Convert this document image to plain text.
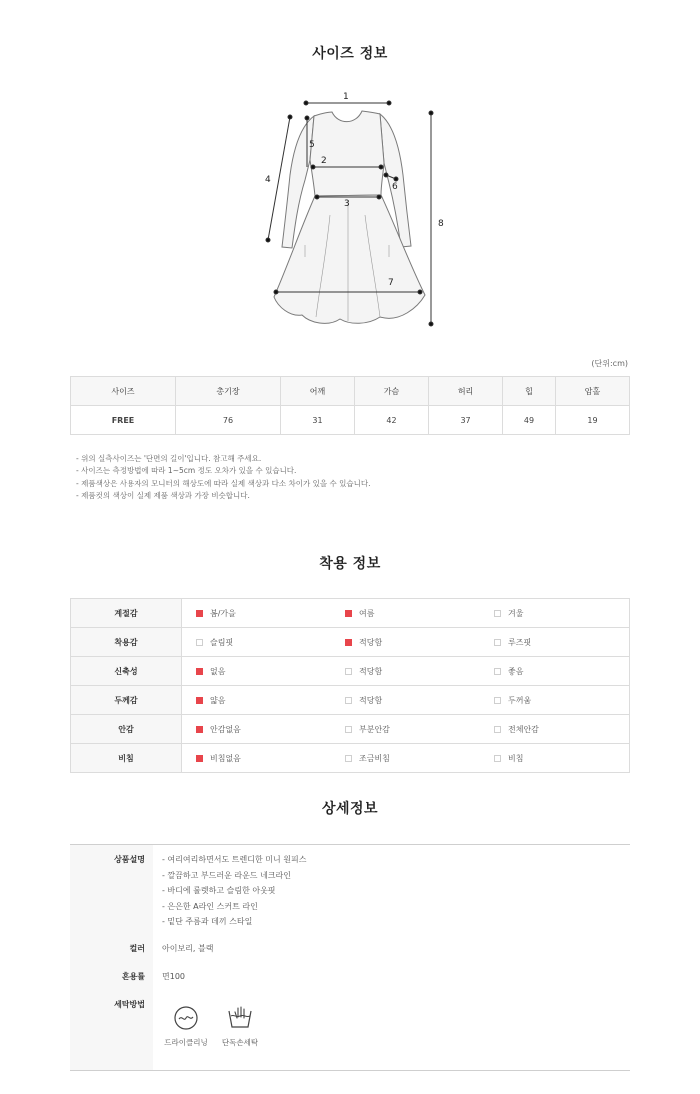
사이즈 정보
1
2
3
4
5
6
7
8
(단위:cm)
사이즈	총기장	어깨	가슴	허리	힙	암홀
FREE	76	31	42	37	49	19
- 위의 실측사이즈는 '단면의 길이'입니다. 참고해 주세요.
- 사이즈는 측정방법에 따라 1~5cm 정도 오차가 있을 수 있습니다.
- 제품색상은 사용자의 모니터의 해상도에 따라 실제 색상과 다소 차이가 있을 수 있습니다.
- 제품컷의 색상이 실제 제품 색상과 가장 비슷합니다.
착용 정보
계절감	봄/가을	여름	겨울
착용감	슬림핏	적당함	루즈핏
신축성	없음	적당함	좋음
두께감	얇음	적당함	두꺼움
안감	안감없음	부분안감	전체안감
비침	비침없음	조금비침	비침
상세정보
상품설명	- 여리여리하면서도 트렌디한 미니 원피스
- 깔끔하고 부드러운 라운드 네크라인
- 바디에 룰렛하고 슬림한 아웃핏
- 은은한 A라인 스커트 라인
- 밑단 주름과 데끼 스타일
컬러	아이보리, 블랙
혼용률	면100
세탁방법
드라이클리닝	단독손세탁
